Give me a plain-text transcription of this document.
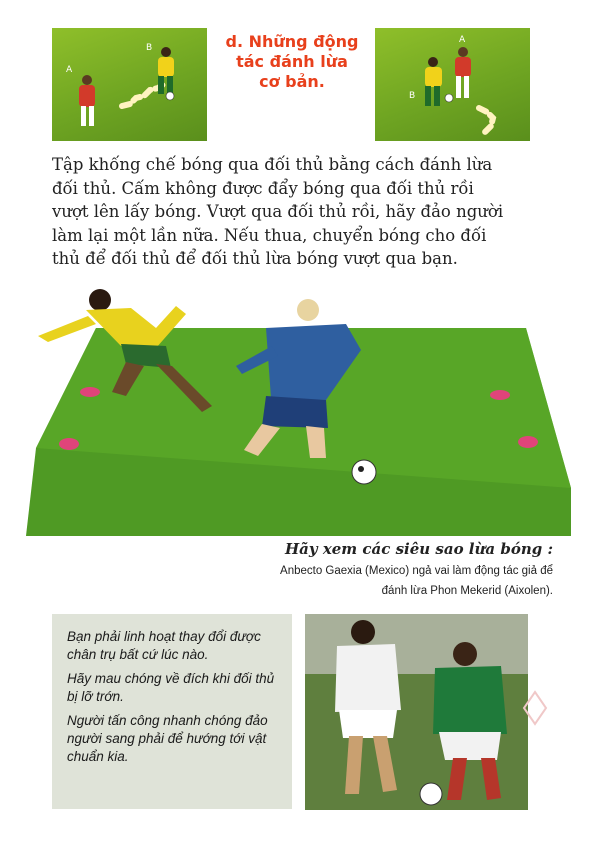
A
B	d. Những động
tác đánh lừa
cơ bản.
A
B
Tập khống chế bóng qua đối thủ bằng cách đánh lừa
đối thủ. Cấm không được đẩy bóng qua đối thủ rồi
vượt lên lấy bóng. Vượt qua đối thủ rồi, hãy đảo người
làm lại một lần nữa. Nếu thua, chuyển bóng cho đối
thủ để đối thủ để đối thủ lừa bóng vượt qua bạn.
Hãy xem các siêu sao lừa bóng :
Anbecto Gaexia (Mexico) ngả vai làm động tác giả để
đánh lừa Phon Mekerid (Aixolen).

Bạn phải linh hoạt thay đổi được chân trụ bất cứ lúc nào.

Hãy mau chóng về đích khi đối thủ bị lỡ trớn.

Người tấn công nhanh chóng đảo người sang phải để hướng tới vật chuẩn kia.
